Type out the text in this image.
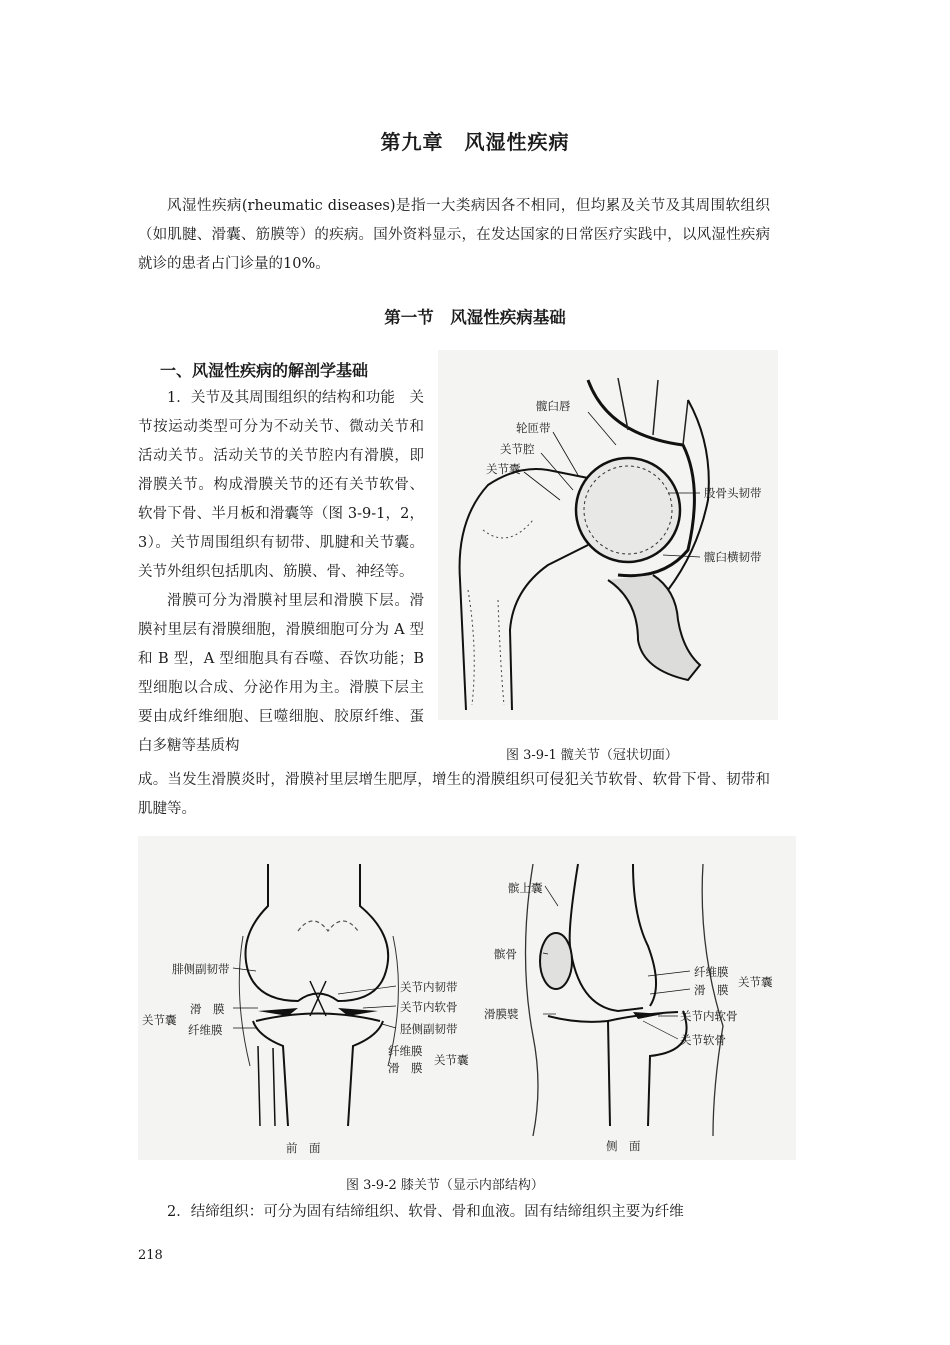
第九章　风湿性疾病
风湿性疾病(rheumatic diseases)是指一大类病因各不相同，但均累及关节及其周围软组织（如肌腱、滑囊、筋膜等）的疾病。国外资料显示，在发达国家的日常医疗实践中，以风湿性疾病就诊的患者占门诊量的10%。
第一节　风湿性疾病基础
一、风湿性疾病的解剖学基础

1．关节及其周围组织的结构和功能　关节按运动类型可分为不动关节、微动关节和活动关节。活动关节的关节腔内有滑膜，即滑膜关节。构成滑膜关节的还有关节软骨、软骨下骨、半月板和滑囊等（图 3-9-1，2，3）。关节周围组织有韧带、肌腱和关节囊。关节外组织包括肌肉、筋膜、骨、神经等。

滑膜可分为滑膜衬里层和滑膜下层。滑膜衬里层有滑膜细胞，滑膜细胞可分为 A 型和 B 型，A 型细胞具有吞噬、吞饮功能；B 型细胞以合成、分泌作用为主。滑膜下层主要由成纤维细胞、巨噬细胞、胶原纤维、蛋白多糖等基质构

髋臼唇
轮匝带
关节腔
关节囊
股骨头韧带
髋臼横韧带
图 3-9-1 髋关节（冠状切面）

成。当发生滑膜炎时，滑膜衬里层增生肥厚，增生的滑膜组织可侵犯关节软骨、软骨下骨、韧带和肌腱等。

腓侧副韧带
关节囊
滑　膜
纤维膜
关节内韧带
关节内软骨
胫侧副韧带
纤维膜
滑　膜
关节囊
前　面
髌上囊
髌骨
滑膜襞
纤维膜
滑　膜
关节囊
关节内软骨
关节软骨
侧　面
图 3-9-2 膝关节（显示内部结构）

2．结缔组织：可分为固有结缔组织、软骨、骨和血液。固有结缔组织主要为纤维

218
